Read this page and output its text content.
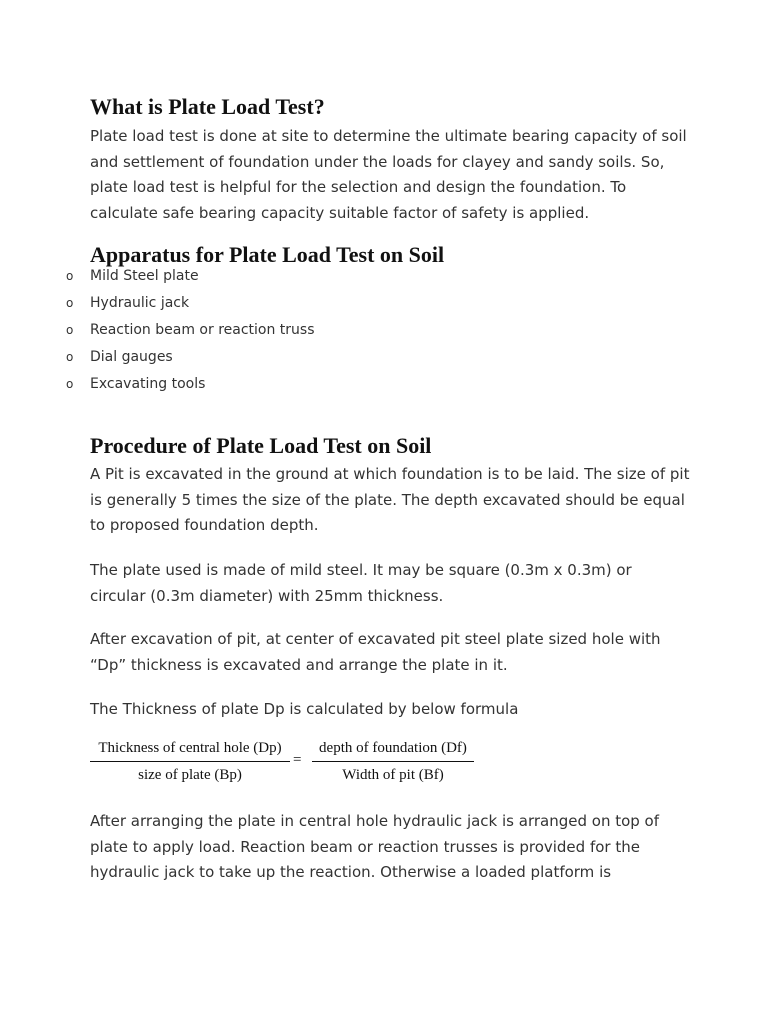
What is Plate Load Test?

Plate load test is done at site to determine the ultimate bearing capacity of soil and settlement of foundation under the loads for clayey and sandy soils. So, plate load test is helpful for the selection and design the foundation. To calculate safe bearing capacity suitable factor of safety is applied.

Apparatus for Plate Load Test on Soil
o Mild Steel plate
o Hydraulic jack
o Reaction beam or reaction truss
o Dial gauges
o Excavating tools
Procedure of Plate Load Test on Soil

A Pit is excavated in the ground at which foundation is to be laid. The size of pit is generally 5 times the size of the plate. The depth excavated should be equal to proposed foundation depth.

The plate used is made of mild steel. It may be square (0.3m x 0.3m) or circular (0.3m diameter) with 25mm thickness.

After excavation of pit, at center of excavated pit steel plate sized hole with “Dp” thickness is excavated and arrange the plate in it.

The Thickness of plate Dp is calculated by below formula

Thickness of central hole (Dp)
size of plate (Bp)
=
depth of foundation (Df)
Width of pit (Bf)

After arranging the plate in central hole hydraulic jack is arranged on top of plate to apply load. Reaction beam or reaction trusses is provided for the hydraulic jack to take up the reaction. Otherwise a loaded platform is
